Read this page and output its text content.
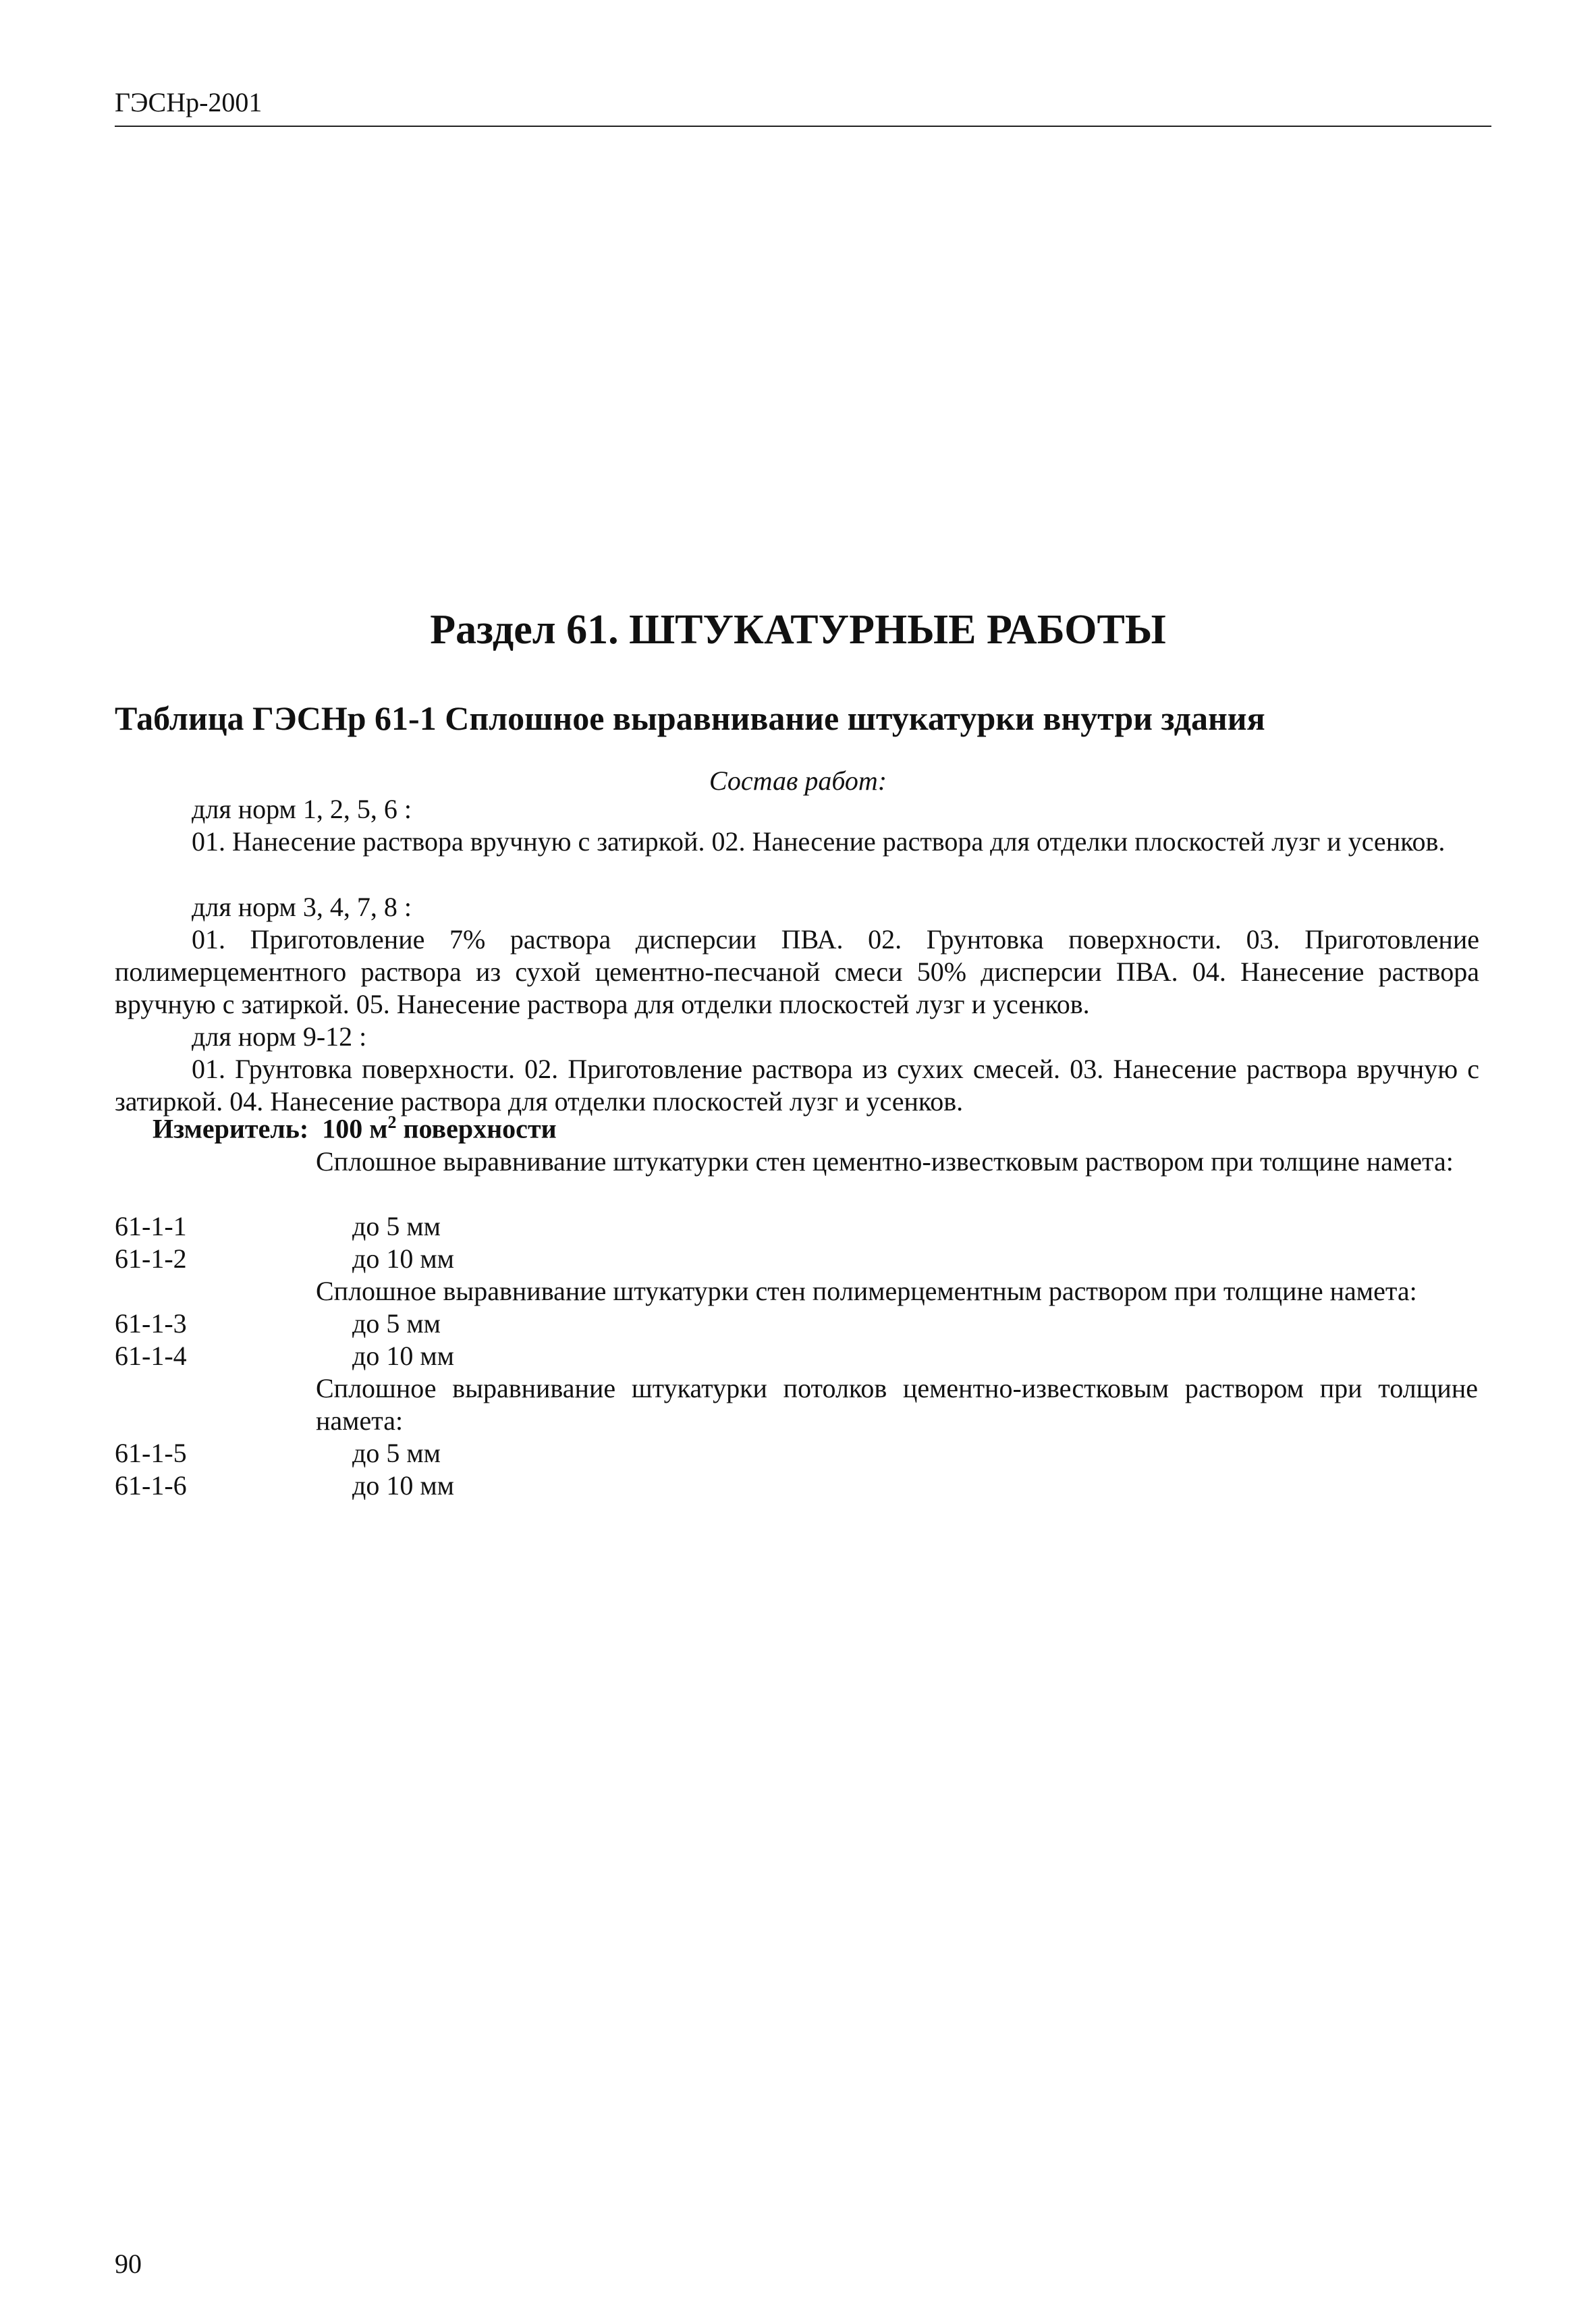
ГЭСНр-2001
Раздел 61. ШТУКАТУРНЫЕ РАБОТЫ
Таблица ГЭСНр 61-1 Сплошное выравнивание штукатурки внутри здания
Состав работ:
для норм 1, 2, 5, 6 :
01. Нанесение раствора вручную с затиркой. 02. Нанесение раствора для отделки плоскостей лузг и усенков.
для норм 3, 4, 7, 8 :
01. Приготовление 7% раствора дисперсии ПВА. 02. Грунтовка поверхности. 03. Приготовление полимерцементного раствора из сухой цементно-песчаной смеси 50% дисперсии ПВА. 04. Нанесение раствора вручную с затиркой. 05. Нанесение раствора для отделки плоскостей лузг и усенков.
для норм 9-12 :
01. Грунтовка поверхности. 02. Приготовление раствора из сухих смесей. 03. Нанесение раствора вручную с затиркой. 04. Нанесение раствора для отделки плоскостей лузг и усенков.
Измеритель: 100 $м^2$ поверхности
Сплошное выравнивание штукатурки стен цементно-известковым раствором при толщине намета:
61-1-1	до 5 мм
61-1-2	до 10 мм
Сплошное выравнивание штукатурки стен полимерцементным раствором при толщине намета:
61-1-3	до 5 мм
61-1-4	до 10 мм
Сплошное выравнивание штукатурки потолков цементно-известковым раствором при толщине намета:
61-1-5	до 5 мм
61-1-6	до 10 мм
90
